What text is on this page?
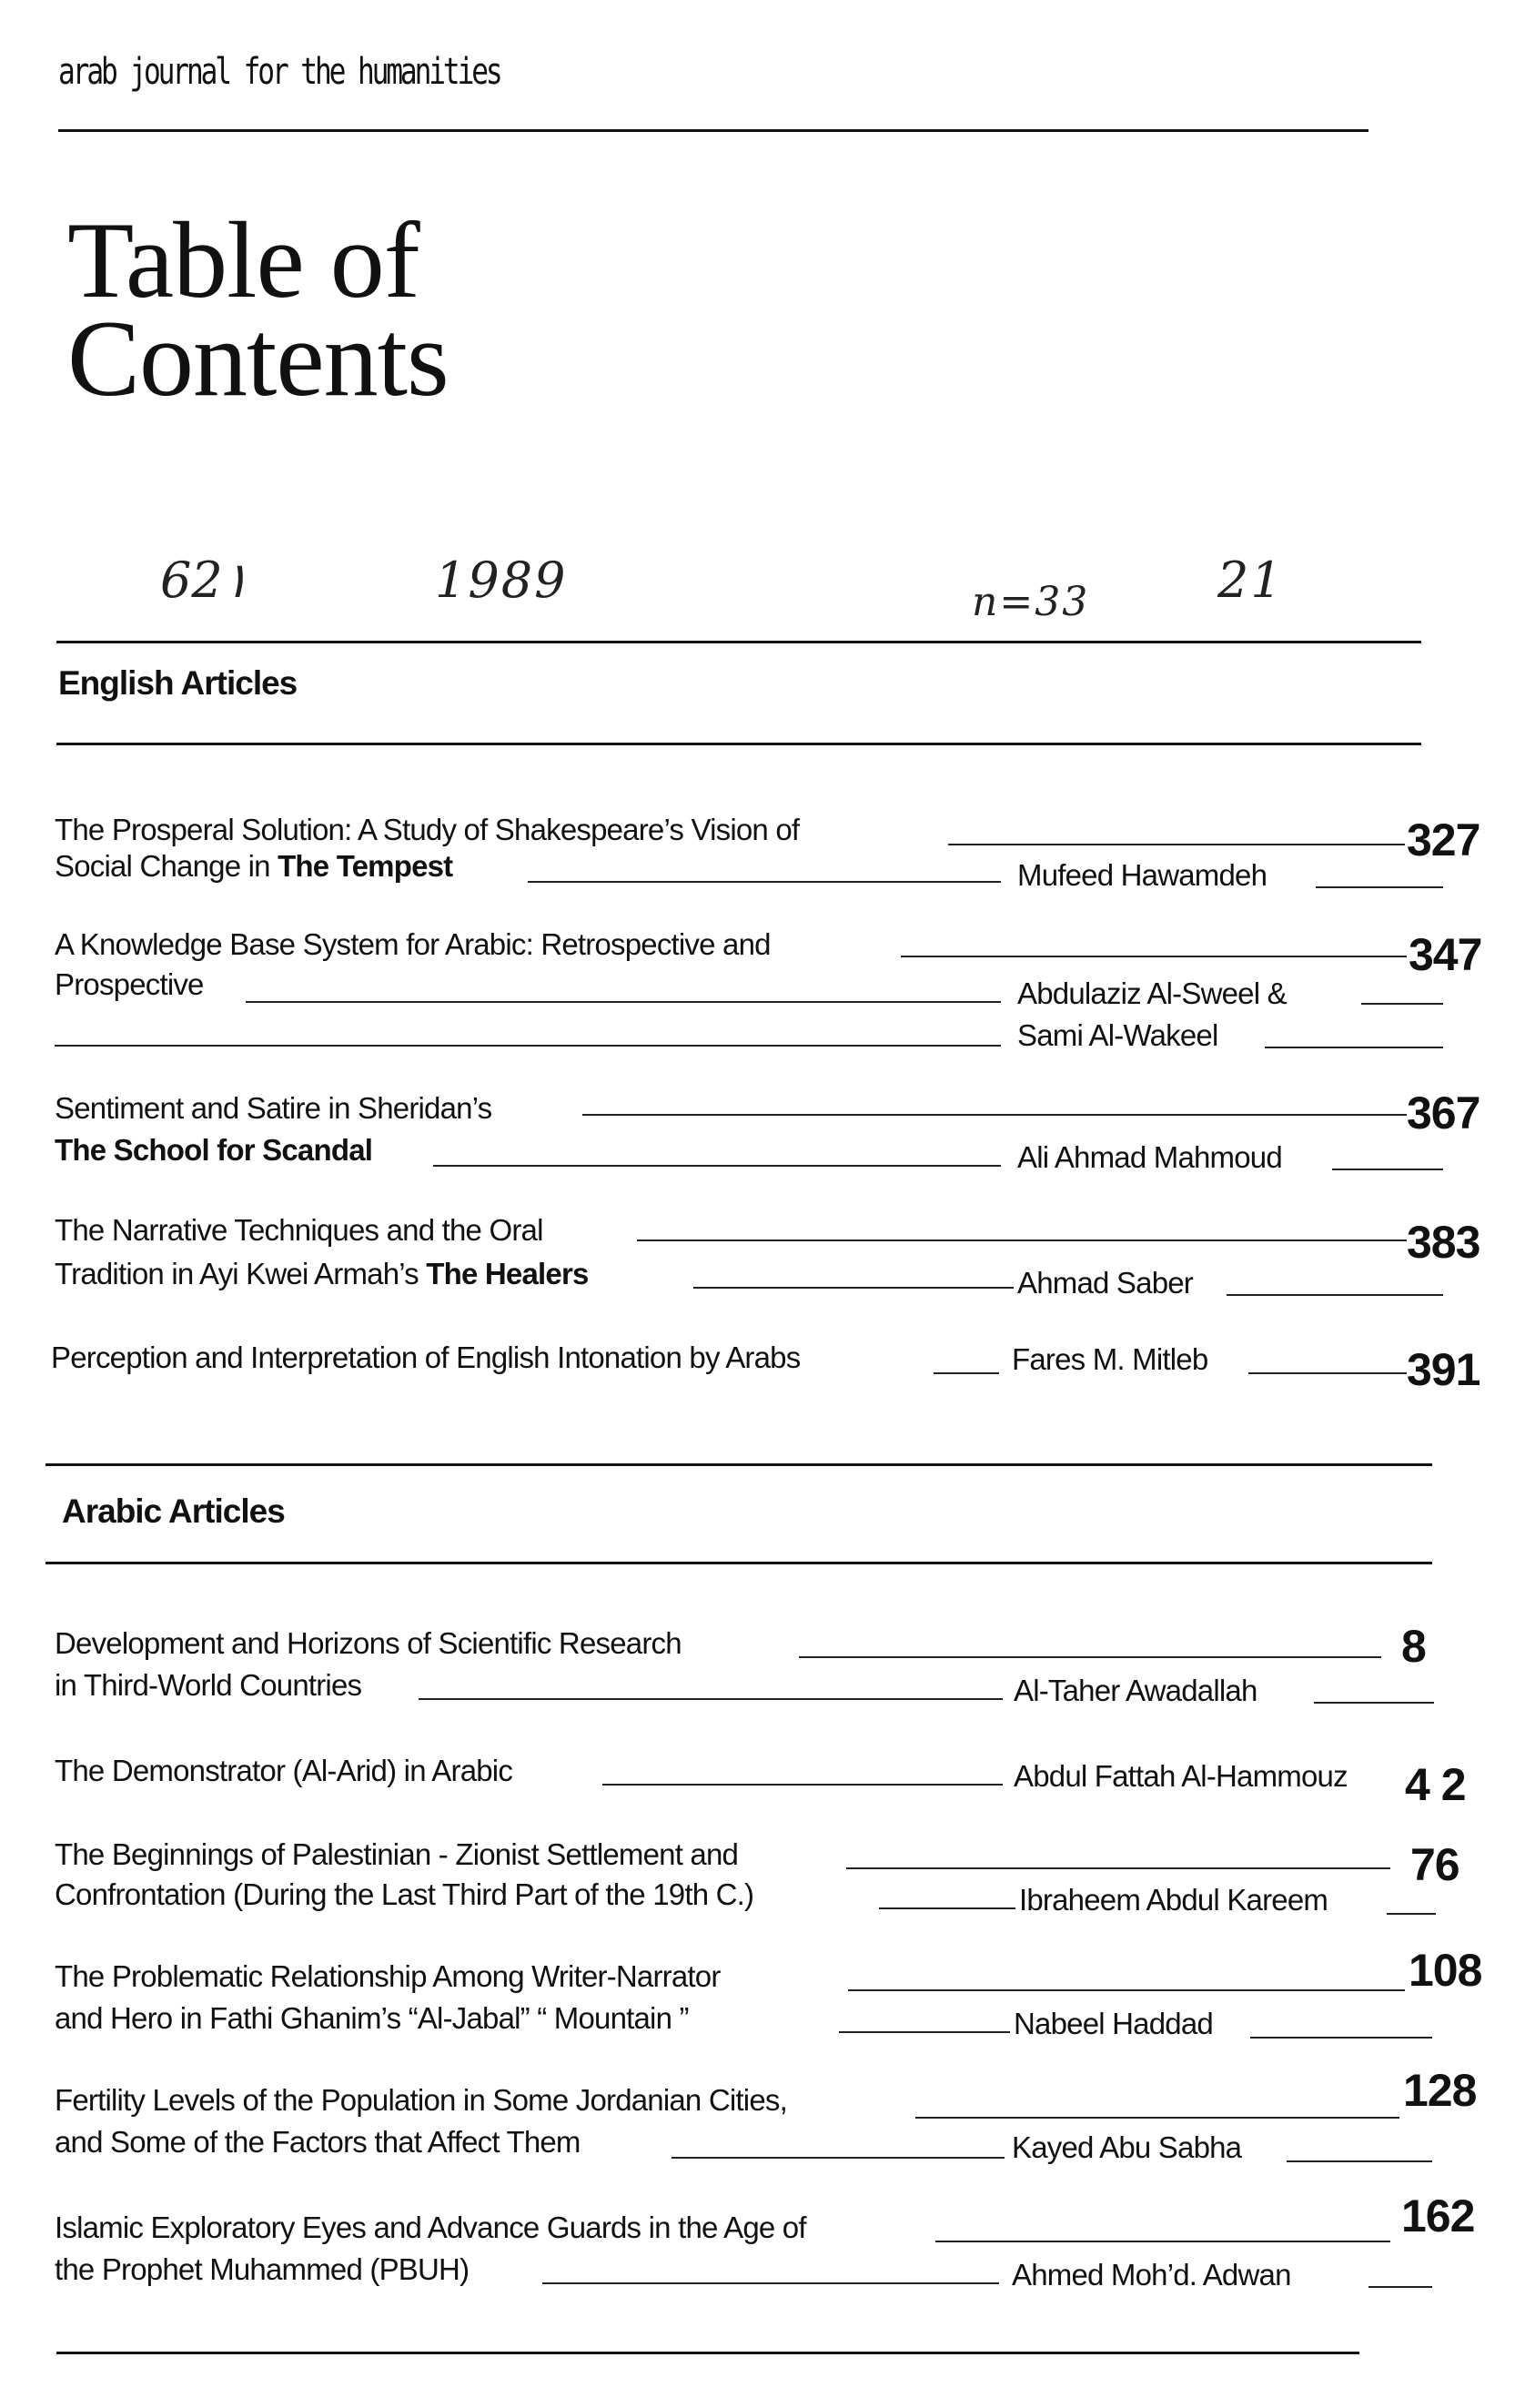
arab journal for the humanities
Table of
Contents
62١	1989	n=33	21
English Articles
The Prosperal Solution: A Study of Shakespeare’s Vision of	327
Social Change in The Tempest	Mufeed Hawamdeh
A Knowledge Base System for Arabic: Retrospective and	347
Prospective	Abdulaziz Al-Sweel &
Sami Al-Wakeel
Sentiment and Satire in Sheridan’s	367
The School for Scandal	Ali Ahmad Mahmoud
The Narrative Techniques and the Oral	383
Tradition in Ayi Kwei Armah’s The Healers	Ahmad Saber
Perception and Interpretation of English Intonation by Arabs	Fares M. Mitleb	391
Arabic Articles
Development and Horizons of Scientific Research	8
in Third-World Countries	Al-Taher Awadallah
The Demonstrator (Al-Arid) in Arabic	Abdul Fattah Al-Hammouz 4 2
The Beginnings of Palestinian - Zionist Settlement and	76
Confrontation (During the Last Third Part of the 19th C.)	Ibraheem Abdul Kareem
The Problematic Relationship Among Writer-Narrator	108
and Hero in Fathi Ghanim’s “Al-Jabal” “ Mountain ”	Nabeel Haddad
Fertility Levels of the Population in Some Jordanian Cities,	128
and Some of the Factors that Affect Them	Kayed Abu Sabha
Islamic Exploratory Eyes and Advance Guards in the Age of	162
the Prophet Muhammed (PBUH)	Ahmed Moh’d. Adwan
